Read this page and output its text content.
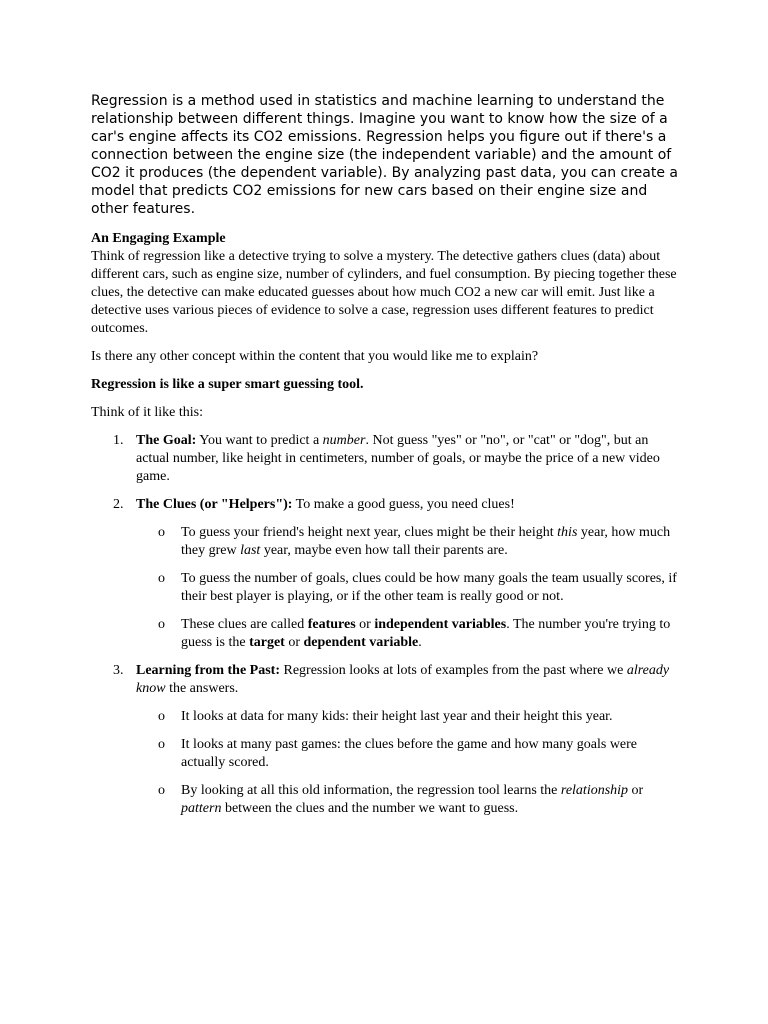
Regression is a method used in statistics and machine learning to understand the relationship between different things. Imagine you want to know how the size of a car's engine affects its CO2 emissions. Regression helps you figure out if there's a connection between the engine size (the independent variable) and the amount of CO2 it produces (the dependent variable). By analyzing past data, you can create a model that predicts CO2 emissions for new cars based on their engine size and other features.

An Engaging Example

Think of regression like a detective trying to solve a mystery. The detective gathers clues (data) about different cars, such as engine size, number of cylinders, and fuel consumption. By piecing together these clues, the detective can make educated guesses about how much CO2 a new car will emit. Just like a detective uses various pieces of evidence to solve a case, regression uses different features to predict outcomes.

Is there any other concept within the content that you would like me to explain?

Regression is like a super smart guessing tool.

Think of it like this:

1. The Goal: You want to predict a number. Not guess "yes" or "no", or "cat" or "dog", but an actual number, like height in centimeters, number of goals, or maybe the price of a new video game.
2. The Clues (or "Helpers"): To make a good guess, you need clues!
o To guess your friend's height next year, clues might be their height this year, how much they grew last year, maybe even how tall their parents are.
o To guess the number of goals, clues could be how many goals the team usually scores, if their best player is playing, or if the other team is really good or not.
o These clues are called features or independent variables. The number you're trying to guess is the target or dependent variable.
3. Learning from the Past: Regression looks at lots of examples from the past where we already know the answers.
o It looks at data for many kids: their height last year and their height this year.
o It looks at many past games: the clues before the game and how many goals were actually scored.
o By looking at all this old information, the regression tool learns the relationship or pattern between the clues and the number we want to guess.
